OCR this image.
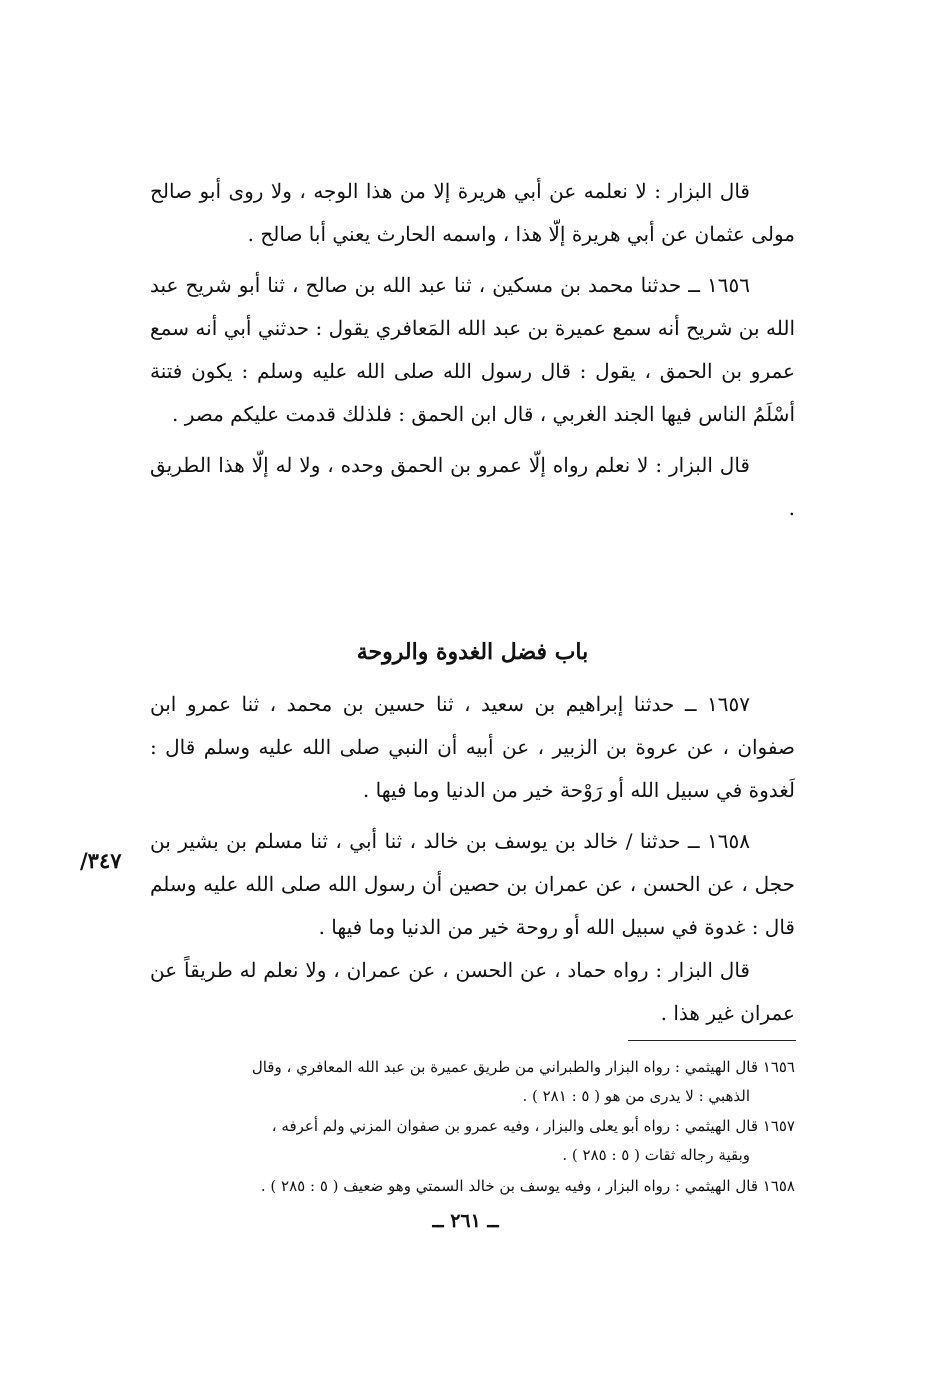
قال البزار : لا نعلمه عن أبي هريرة إلا من هذا الوجه ، ولا روى أبو صالح مولى عثمان عن أبي هريرة إلّا هذا ، واسمه الحارث يعني أبا صالح .

١٦٥٦ ــ حدثنا محمد بن مسكين ، ثنا عبد الله بن صالح ، ثنا أبو شريح عبد الله بن شريح أنه سمع عميرة بن عبد الله المَعافري يقول : حدثني أبي أنه سمع عمرو بن الحمق ، يقول : قال رسول الله صلى الله عليه وسلم : يكون فتنة أسْلَمُ الناس فيها الجند الغربي ، قال ابن الحمق : فلذلك قدمت عليكم مصر .

قال البزار : لا نعلم رواه إلّا عمرو بن الحمق وحده ، ولا له إلّا هذا الطريق .

باب فضل الغدوة والروحة

١٦٥٧ ــ حدثنا إبراهيم بن سعيد ، ثنا حسين بن محمد ، ثنا عمرو ابن صفوان ، عن عروة بن الزبير ، عن أبيه أن النبي صلى الله عليه وسلم قال : لَغدوة في سبيل الله أو رَوْحة خير من الدنيا وما فيها .

١٦٥٨ ــ حدثنا / خالد بن يوسف بن خالد ، ثنا أبي ، ثنا مسلم بن بشير بن حجل ، عن الحسن ، عن عمران بن حصين أن رسول الله صلى الله عليه وسلم قال : غدوة في سبيل الله أو روحة خير من الدنيا وما فيها .

قال البزار : رواه حماد ، عن الحسن ، عن عمران ، ولا نعلم له طريقاً عن عمران غير هذا .

٣٤٧/
١٦٥٦ قال الهيثمي : رواه البزار والطبراني من طريق عميرة بن عبد الله المعافري ، وقال
الذهبي : لا يدرى من هو ( ٥ : ٢٨١ ) .
١٦٥٧ قال الهيثمي : رواه أبو يعلى والبزار ، وفيه عمرو بن صفوان المزني ولم أعرفه ،
وبقية رجاله ثقات ( ٥ : ٢٨٥ ) .
١٦٥٨ قال الهيثمي : رواه البزار ، وفيه يوسف بن خالد السمتي وهو ضعيف ( ٥ : ٢٨٥ ) .
ــ ٢٦١ ــ
